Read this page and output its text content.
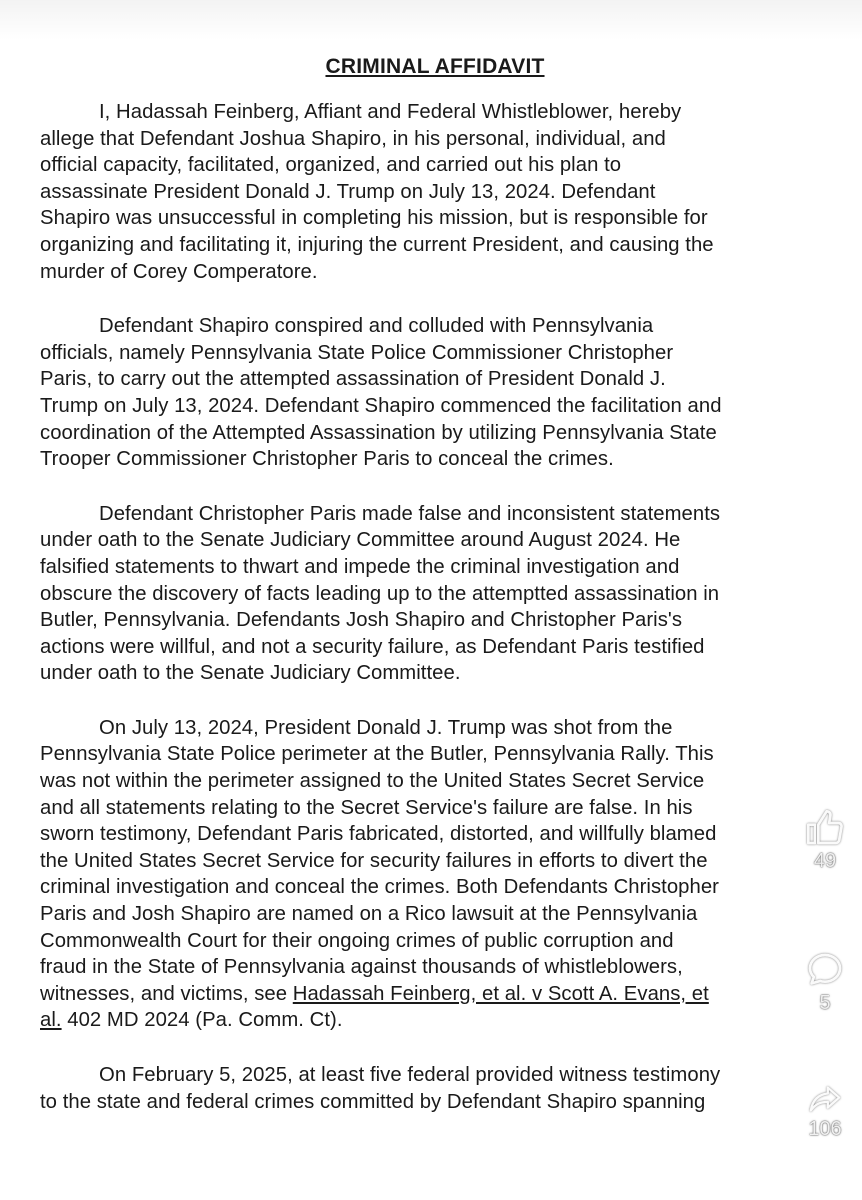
CRIMINAL AFFIDAVIT
I, Hadassah Feinberg, Affiant and Federal Whistleblower, hereby
allege that Defendant Joshua Shapiro, in his personal, individual, and
official capacity, facilitated, organized, and carried out his plan to
assassinate President Donald J. Trump on July 13, 2024. Defendant
Shapiro was unsuccessful in completing his mission, but is responsible for
organizing and facilitating it, injuring the current President, and causing the
murder of Corey Comperatore.
Defendant Shapiro conspired and colluded with Pennsylvania
officials, namely Pennsylvania State Police Commissioner Christopher
Paris, to carry out the attempted assassination of President Donald J.
Trump on July 13, 2024. Defendant Shapiro commenced the facilitation and
coordination of the Attempted Assassination by utilizing Pennsylvania State
Trooper Commissioner Christopher Paris to conceal the crimes.
Defendant Christopher Paris made false and inconsistent statements
under oath to the Senate Judiciary Committee around August 2024. He
falsified statements to thwart and impede the criminal investigation and
obscure the discovery of facts leading up to the attemptted assassination in
Butler, Pennsylvania. Defendants Josh Shapiro and Christopher Paris's
actions were willful, and not a security failure, as Defendant Paris testified
under oath to the Senate Judiciary Committee.
On July 13, 2024, President Donald J. Trump was shot from the
Pennsylvania State Police perimeter at the Butler, Pennsylvania Rally. This
was not within the perimeter assigned to the United States Secret Service
and all statements relating to the Secret Service's failure are false. In his
sworn testimony, Defendant Paris fabricated, distorted, and willfully blamed
the United States Secret Service for security failures in efforts to divert the
criminal investigation and conceal the crimes. Both Defendants Christopher
Paris and Josh Shapiro are named on a Rico lawsuit at the Pennsylvania
Commonwealth Court for their ongoing crimes of public corruption and
fraud in the State of Pennsylvania against thousands of whistleblowers,
witnesses, and victims, see Hadassah Feinberg, et al. v Scott A. Evans, et
al. 402 MD 2024 (Pa. Comm. Ct).
On February 5, 2025, at least five federal provided witness testimony
to the state and federal crimes committed by Defendant Shapiro spanning
49
5
106
